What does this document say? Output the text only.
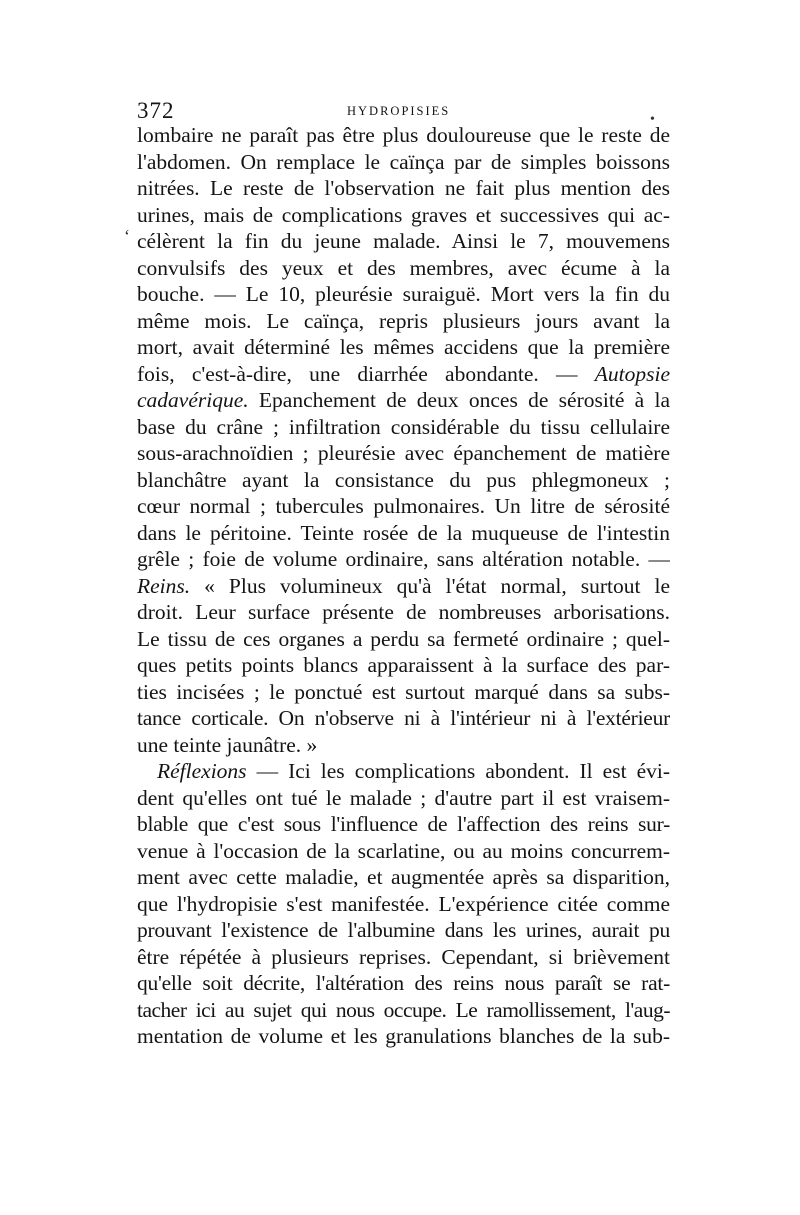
372	HYDROPISIES
•
‘
lombaire ne paraît pas être plus douloureuse que le reste de
l'abdomen. On remplace le caïnça par de simples boissons
nitrées. Le reste de l'observation ne fait plus mention des
urines, mais de complications graves et successives qui ac-
célèrent la fin du jeune malade. Ainsi le 7, mouvemens
convulsifs des yeux et des membres, avec écume à la
bouche. — Le 10, pleurésie suraiguë. Mort vers la fin du
même mois. Le caïnça, repris plusieurs jours avant la
mort, avait déterminé les mêmes accidens que la première
fois, c'est-à-dire, une diarrhée abondante. — Autopsie
cadavérique. Epanchement de deux onces de sérosité à la
base du crâne ; infiltration considérable du tissu cellulaire
sous-arachnoïdien ; pleurésie avec épanchement de matière
blanchâtre ayant la consistance du pus phlegmoneux ;
cœur normal ; tubercules pulmonaires. Un litre de sérosité
dans le péritoine. Teinte rosée de la muqueuse de l'intestin
grêle ; foie de volume ordinaire, sans altération notable. —
Reins. « Plus volumineux qu'à l'état normal, surtout le
droit. Leur surface présente de nombreuses arborisations.
Le tissu de ces organes a perdu sa fermeté ordinaire ; quel-
ques petits points blancs apparaissent à la surface des par-
ties incisées ; le ponctué est surtout marqué dans sa subs-
tance corticale. On n'observe ni à l'intérieur ni à l'extérieur
une teinte jaunâtre. »
Réflexions — Ici les complications abondent. Il est évi-
dent qu'elles ont tué le malade ; d'autre part il est vraisem-
blable que c'est sous l'influence de l'affection des reins sur-
venue à l'occasion de la scarlatine, ou au moins concurrem-
ment avec cette maladie, et augmentée après sa disparition,
que l'hydropisie s'est manifestée. L'expérience citée comme
prouvant l'existence de l'albumine dans les urines, aurait pu
être répétée à plusieurs reprises. Cependant, si brièvement
qu'elle soit décrite, l'altération des reins nous paraît se rat-
tacher ici au sujet qui nous occupe. Le ramollissement, l'aug-
mentation de volume et les granulations blanches de la sub-
